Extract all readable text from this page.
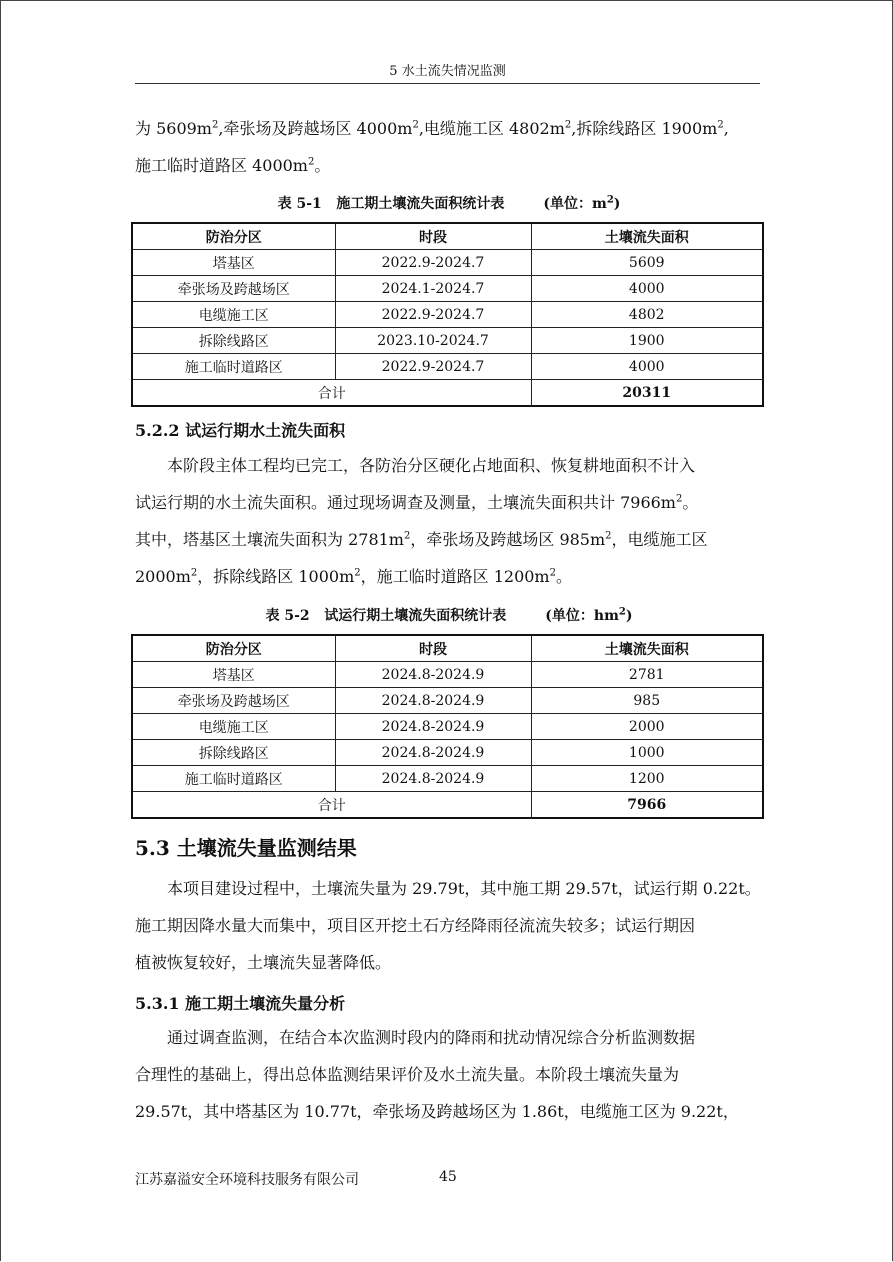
5 水土流失情况监测

为 $5609m^2$,牵张场及跨越场区 $4000m^2$,电缆施工区 $4802m^2$,拆除线路区 $1900m^2$,
施工临时道路区 $4000m^2$。

表 5-1   施工期土壤流失面积统计表        (单位：$m^2$)
防治分区	时段	土壤流失面积
塔基区	2022.9-2024.7	5609
牵张场及跨越场区	2024.1-2024.7	4000
电缆施工区	2022.9-2024.7	4802
拆除线路区	2023.10-2024.7	1900
施工临时道路区	2022.9-2024.7	4000
合计		20311
5.2.2 试运行期水土流失面积

本阶段主体工程均已完工，各防治分区硬化占地面积、恢复耕地面积不计入
试运行期的水土流失面积。通过现场调查及测量，土壤流失面积共计 $7966m^2$。
其中，塔基区土壤流失面积为 $2781m^2$，牵张场及跨越场区 $985m^2$，电缆施工区
$2000m^2$，拆除线路区 $1000m^2$，施工临时道路区 $1200m^2$。

表 5-2   试运行期土壤流失面积统计表        (单位：$hm^2$)
防治分区	时段	土壤流失面积
塔基区	2024.8-2024.9	2781
牵张场及跨越场区	2024.8-2024.9	985
电缆施工区	2024.8-2024.9	2000
拆除线路区	2024.8-2024.9	1000
施工临时道路区	2024.8-2024.9	1200
合计		7966
5.3 土壤流失量监测结果

本项目建设过程中，土壤流失量为 29.79t，其中施工期 29.57t，试运行期 0.22t。
施工期因降水量大而集中，项目区开挖土石方经降雨径流流失较多；试运行期因
植被恢复较好，土壤流失显著降低。

5.3.1 施工期土壤流失量分析

通过调查监测，在结合本次监测时段内的降雨和扰动情况综合分析监测数据
合理性的基础上，得出总体监测结果评价及水土流失量。本阶段土壤流失量为
29.57t，其中塔基区为 10.77t，牵张场及跨越场区为 1.86t，电缆施工区为 9.22t，

江苏嘉溢安全环境科技服务有限公司	45
